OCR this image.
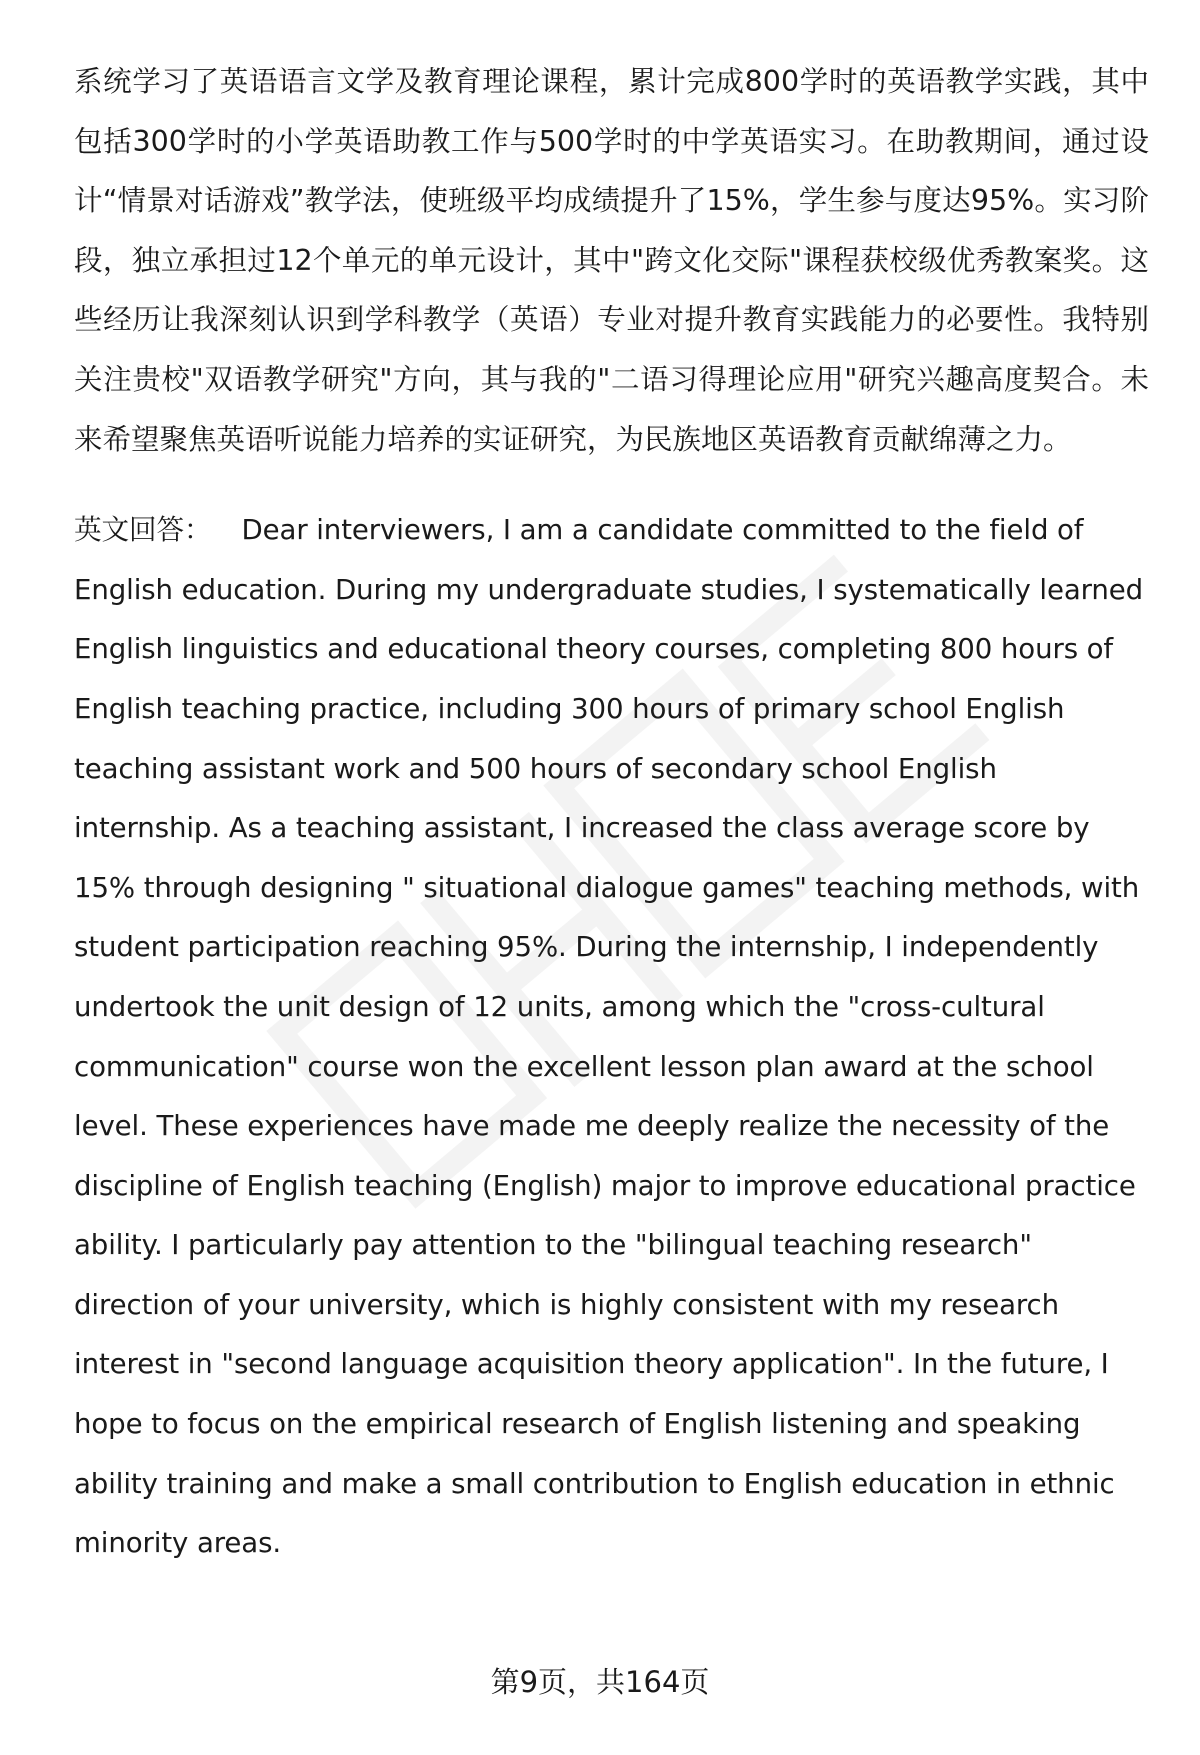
系统学习了英语语言文学及教育理论课程，累计完成800学时的英语教学实践，其中包括300学时的小学英语助教工作与500学时的中学英语实习。在助教期间，通过设计“情景对话游戏”教学法，使班级平均成绩提升了15%，学生参与度达95%。实习阶段，独立承担过12个单元的单元设计，其中"跨文化交际"课程获校级优秀教案奖。这些经历让我深刻认识到学科教学（英语）专业对提升教育实践能力的必要性。我特别关注贵校"双语教学研究"方向，其与我的"二语习得理论应用"研究兴趣高度契合。未来希望聚焦英语听说能力培养的实证研究，为民族地区英语教育贡献绵薄之力。

英文回答： Dear interviewers, I am a candidate committed to the field of English education. During my undergraduate studies, I systematically learned English linguistics and educational theory courses, completing 800 hours of English teaching practice, including 300 hours of primary school English teaching assistant work and 500 hours of secondary school English internship. As a teaching assistant, I increased the class average score by 15% through designing " situational dialogue games" teaching methods, with student participation reaching 95%. During the internship, I independently undertook the unit design of 12 units, among which the "cross-cultural communication" course won the excellent lesson plan award at the school level. These experiences have made me deeply realize the necessity of the discipline of English teaching (English) major to improve educational practice ability. I particularly pay attention to the "bilingual teaching research" direction of your university, which is highly consistent with my research interest in "second language acquisition theory application". In the future, I hope to focus on the empirical research of English listening and speaking ability training and make a small contribution to English education in ethnic minority areas.

第9页，共164页
